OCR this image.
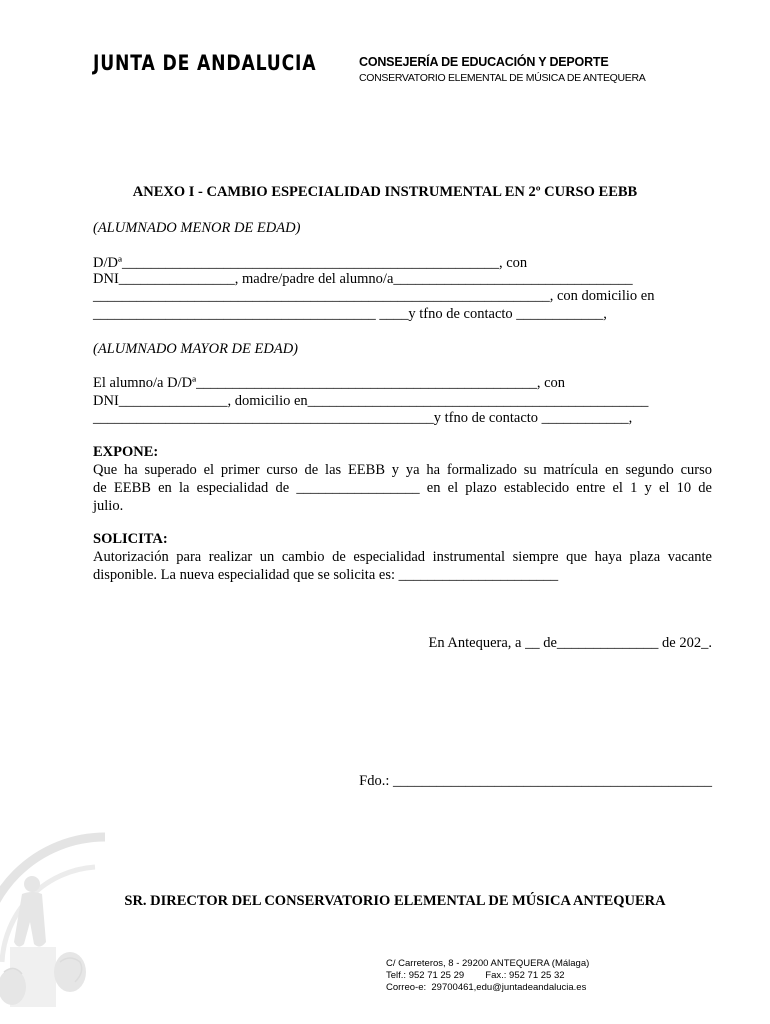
JUNTA DE ANDALUCIA	CONSEJERÍA DE EDUCACIÓN Y DEPORTE
CONSERVATORIO ELEMENTAL DE MÚSICA DE ANTEQUERA
ANEXO I - CAMBIO ESPECIALIDAD INSTRUMENTAL EN 2º CURSO EEBB
(ALUMNADO MENOR DE EDAD)
D/Dª____________________________________________________, con
DNI________________, madre/padre del alumno/a_________________________________
_______________________________________________________________, con domicilio en
_______________________________________ ____y tfno de contacto ____________,
(ALUMNADO MAYOR DE EDAD)
El alumno/a D/Dª_______________________________________________, con
DNI_______________, domicilio en_______________________________________________
_______________________________________________y tfno de contacto ____________,
EXPONE:
Que ha superado el primer curso de las EEBB y ya ha formalizado su matrícula en segundo curso
de EEBB en la especialidad de _________________ en el plazo establecido entre el 1 y el 10 de
julio.
SOLICITA:
Autorización para realizar un cambio de especialidad instrumental siempre que haya plaza vacante
disponible. La nueva especialidad que se solicita es: ______________________
En Antequera, a __ de______________ de 202_.
Fdo.: ____________________________________________
SR. DIRECTOR DEL CONSERVATORIO ELEMENTAL DE MÚSICA ANTEQUERA
C/ Carreteros, 8 - 29200 ANTEQUERA (Málaga)
Telf.: 952 71 25 29        Fax.: 952 71 25 32
Correo-e:  29700461,edu@juntadeandalucia.es
